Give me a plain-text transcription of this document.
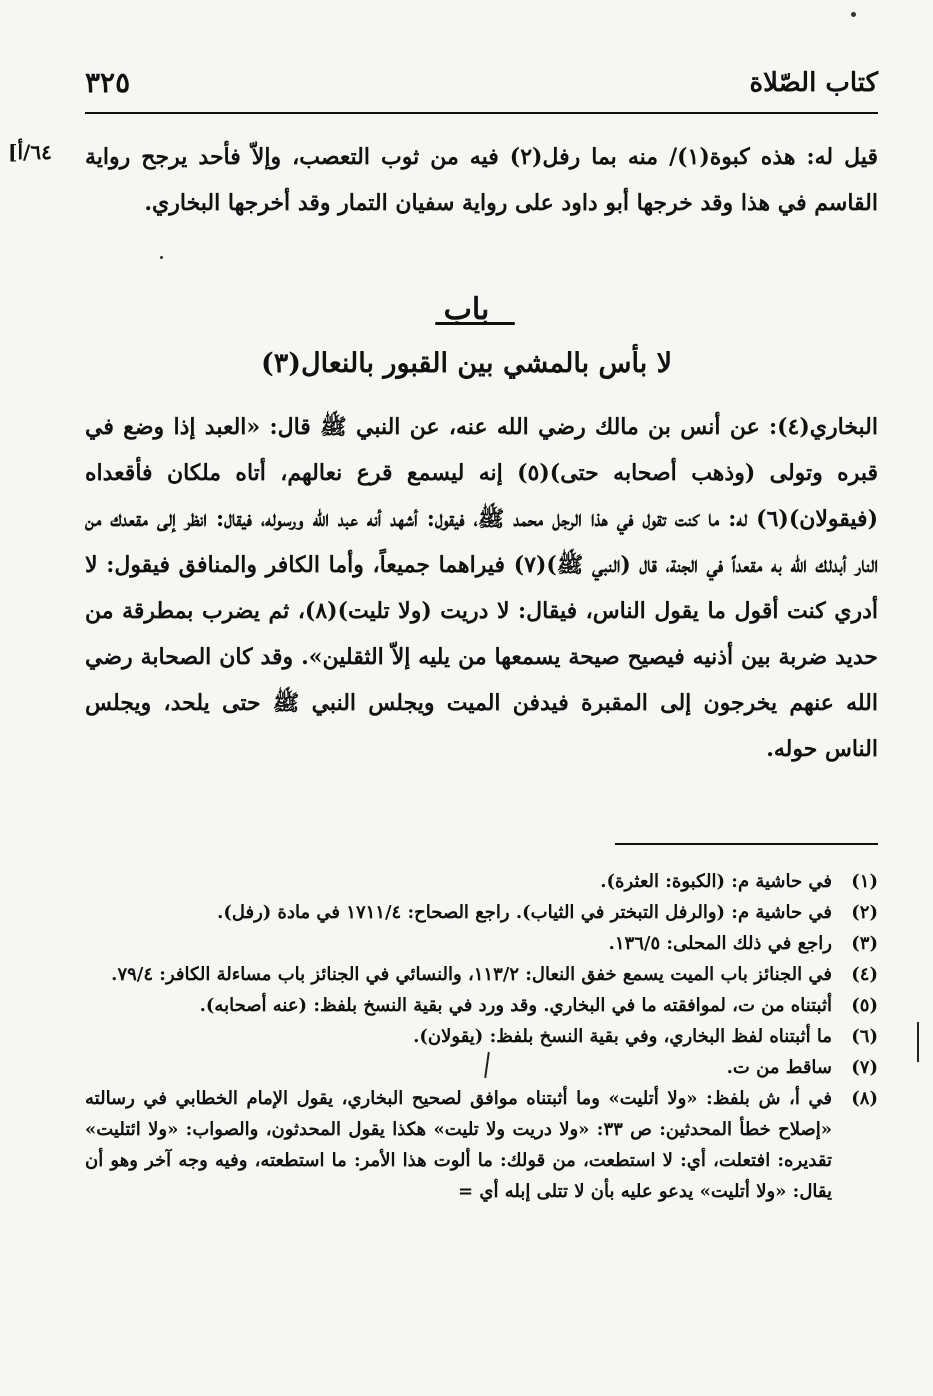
كتاب الصّلاة
٣٢٥
٦٤/أ] قيل له: هذه كبوة(١)/ منه بما رفل(٢) فيه من ثوب التعصب، وإلاّ فأحد يرجح رواية القاسم في هذا وقد خرجها أبو داود على رواية سفيان التمار وقد أخرجها البخاري.
باب
لا بأس بالمشي بين القبور بالنعال(٣)
البخاري(٤): عن أنس بن مالك رضي الله عنه، عن النبي ﷺ قال: «العبد إذا وضع في قبره وتولى (وذهب أصحابه حتى)(٥) إنه ليسمع قرع نعالهم، أتاه ملكان فأقعداه (فيقولان)(٦) له: ما كنت تقول في هذا الرجل محمد ﷺ، فيقول: أشهد أنه عبد الله ورسوله، فيقال: انظر إلى مقعدك من النار أبدلك الله به مقعداً في الجنة، قال (النبي ﷺ)(٧) فيراهما جميعاً، وأما الكافر والمنافق فيقول: لا أدري كنت أقول ما يقول الناس، فيقال: لا دريت (ولا تليت)(٨)، ثم يضرب بمطرقة من حديد ضربة بين أذنيه فيصيح صيحة يسمعها من يليه إلاّ الثقلين». وقد كان الصحابة رضي الله عنهم يخرجون إلى المقبرة فيدفن الميت ويجلس النبي ﷺ حتى يلحد، ويجلس الناس حوله.
(١)
في حاشية م: (الكبوة: العثرة).
(٢)
في حاشية م: (والرفل التبختر في الثياب). راجع الصحاح: ١٧١١/٤ في مادة (رفل).
(٣)
راجع في ذلك المحلى: ١٣٦/٥.
(٤)
في الجنائز باب الميت يسمع خفق النعال: ١١٣/٢، والنسائي في الجنائز باب مساءلة الكافر: ٧٩/٤.
(٥)
أثبتناه من ت، لموافقته ما في البخاري. وقد ورد في بقية النسخ بلفظ: (عنه أصحابه).
(٦)
ما أثبتناه لفظ البخاري، وفي بقية النسخ بلفظ: (يقولان).
(٧)
ساقط من ت.
(٨)
في أ، ش بلفظ: «ولا أتليت» وما أثبتناه موافق لصحيح البخاري، يقول الإمام الخطابي في رسالته «إصلاح خطأ المحدثين: ص ٣٣: «ولا دريت ولا تليت» هكذا يقول المحدثون، والصواب: «ولا ائتليت» تقديره: افتعلت، أي: لا استطعت، من قولك: ما ألوت هذا الأمر: ما استطعته، وفيه وجه آخر وهو أن يقال: «ولا أتليت» يدعو عليه بأن لا تتلى إبله أي =
